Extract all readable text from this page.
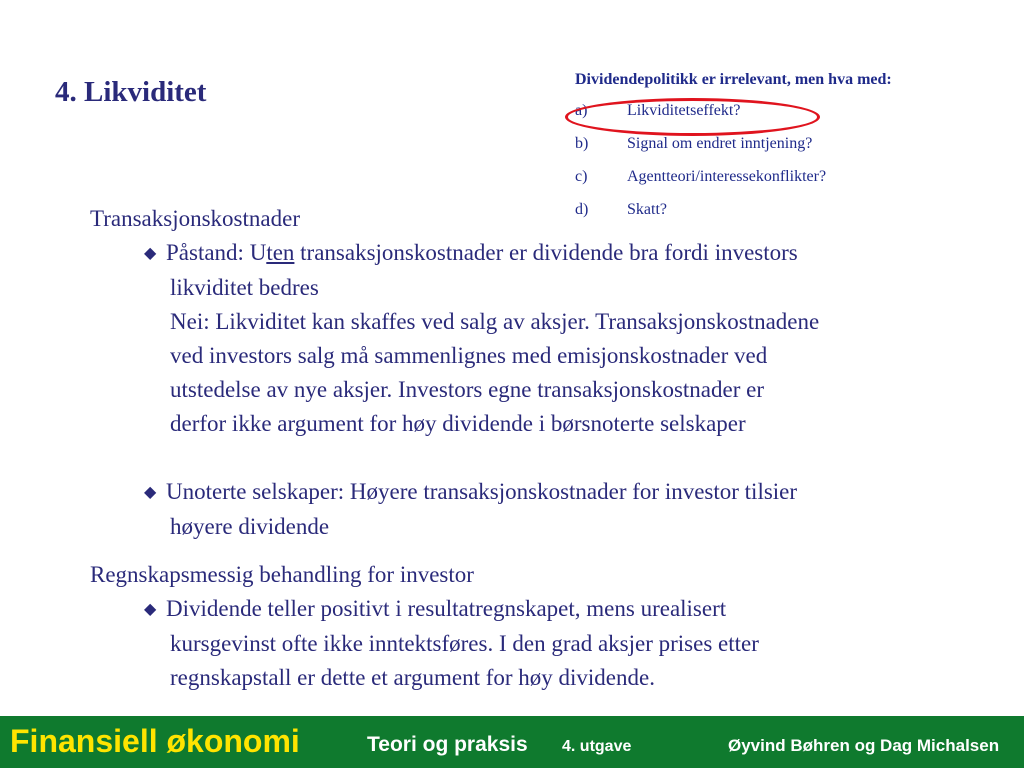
4. Likviditet	Dividendepolitikk er irrelevant, men hva med:
a)	Likviditetseffekt?
b)	Signal om endret inntjening?
c)	Agentteori/interessekonflikter?
d)	Skatt?
Transaksjonskostnader
◆ Påstand: Uten transaksjonskostnader er dividende bra fordi investors
likviditet bedres
Nei: Likviditet kan skaffes ved salg av aksjer. Transaksjonskostnadene
ved investors salg må sammenlignes med emisjonskostnader ved
utstedelse av nye aksjer. Investors egne transaksjonskostnader er
derfor ikke argument for høy dividende i børsnoterte selskaper
◆ Unoterte selskaper: Høyere transaksjonskostnader for investor tilsier
høyere dividende
Regnskapsmessig behandling for investor
◆ Dividende teller positivt i resultatregnskapet, mens urealisert
kursgevinst ofte ikke inntektsføres. I den grad aksjer prises etter
regnskapstall er dette et argument for høy dividende.
Finansiell økonomi	Teori og praksis 4. utgave	Øyvind Bøhren og Dag Michalsen
